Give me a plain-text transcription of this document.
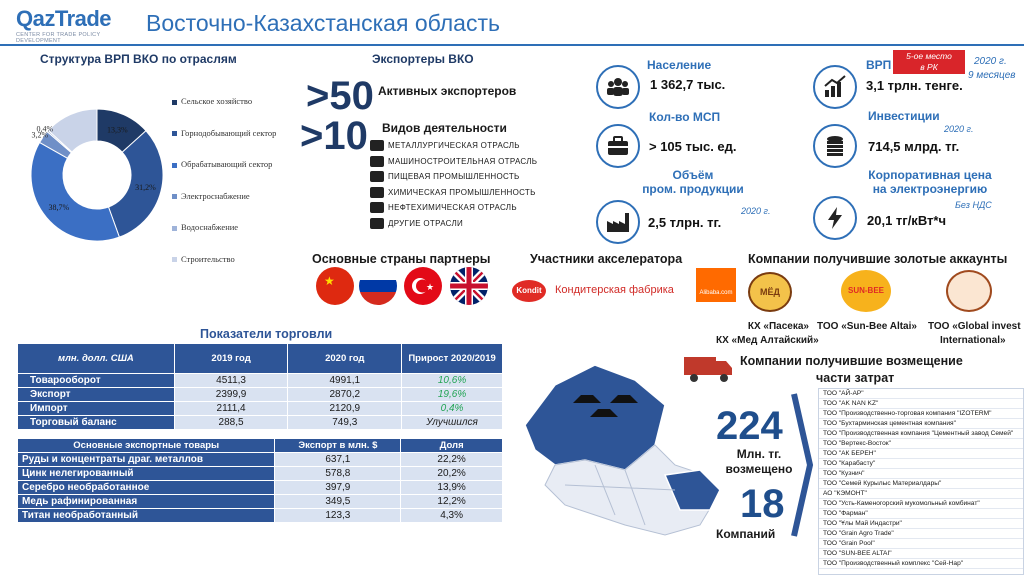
QazTrade
CENTER FOR TRADE POLICY DEVELOPMENT
Восточно-Казахстанская область
Структура ВРП ВКО по отраслям
13,3%
31,2%
38,7%
3,2%
0,4%
Сельское хозяйство
Горнодобывающий сектор
Обрабатывающий сектор
Электроснабжение
Водоснабжение
Строительство
Экспортеры ВКО
>50 Активных экспортеров
>10 Видов деятельности
МЕТАЛЛУРГИЧЕСКАЯ ОТРАСЛЬ
МАШИНОСТРОИТЕЛЬНАЯ ОТРАСЛЬ
ПИЩЕВАЯ ПРОМЫШЛЕННОСТЬ
ХИМИЧЕСКАЯ ПРОМЫШЛЕННОСТЬ
НЕФТЕХИМИЧЕСКАЯ ОТРАСЛЬ
ДРУГИЕ ОТРАСЛИ
Население
1 362,7 тыс.
Кол-во МСП
> 105 тыс. ед.
Объём
пром. продукции
2020 г.
2,5 тлрн. тг.
ВРП
5-ое место
в РК	2020 г.
9 месяцев
3,1 трлн. тенге.
Инвестиции
2020 г.
714,5 млрд. тг.
Корпоративная цена
на электроэнергию
Без НДС
20,1 тг/кВт*ч
Основные страны партнеры
★	★
Участники акселератора
Kondit	Кондитерская фабрика	Alibaba.com
Компании получившие золотые аккаунты
МЁД	SUN-BEE
КХ «Пасека»
КХ «Мед Алтайский»
ТОО «Sun-Bee Altai» ТОО «Global invest
International»
Показатели торговли
млн. долл. США	2019 год	2020 год	Прирост 2020/2019
Товарооборот	4511,3	4991,1	10,6%
Экспорт	2399,9	2870,2	19,6%
Импорт	2111,4	2120,9	0,4%
Торговый баланс	288,5	749,3	Улучшился
Основные экспортные товары	Экспорт в млн. $	Доля
Руды и концентраты драг. металлов	637,1	22,2%
Цинк нелегированный	578,8	20,2%
Серебро необработанное	397,9	13,9%
Медь рафинированная	349,5	12,2%
Титан необработанный	123,3	4,3%
Компании получившие возмещение
части затрат
224
Млн. тг.
возмещено
18
Компаний
ТОО "АЙ-АР"
ТОО "AK NAN KZ"
ТОО "Производственно-торговая компания "IZOTERM"
ТОО "Бухтарминская цементная компания"
ТОО "Производственная компания "Цементный завод Семей"
ТОО "Вертекс-Восток"
ТОО "АК БЕРЕН"
ТОО "Карабасту"
ТОО "Кузнич"
ТОО "Семей Курылыс Материалдары"
АО "КЭМОНТ"
ТОО "Усть-Каменогорский мукомольный комбинат"
ТОО "Фарман"
ТОО "Ұлы Май Индастри"
ТОО "Grain Agro Trade"
ТОО "Grain Pool"
ТОО "SUN-BEE ALTAI"
ТОО "Производственный комплекс "Сей-Нар"
